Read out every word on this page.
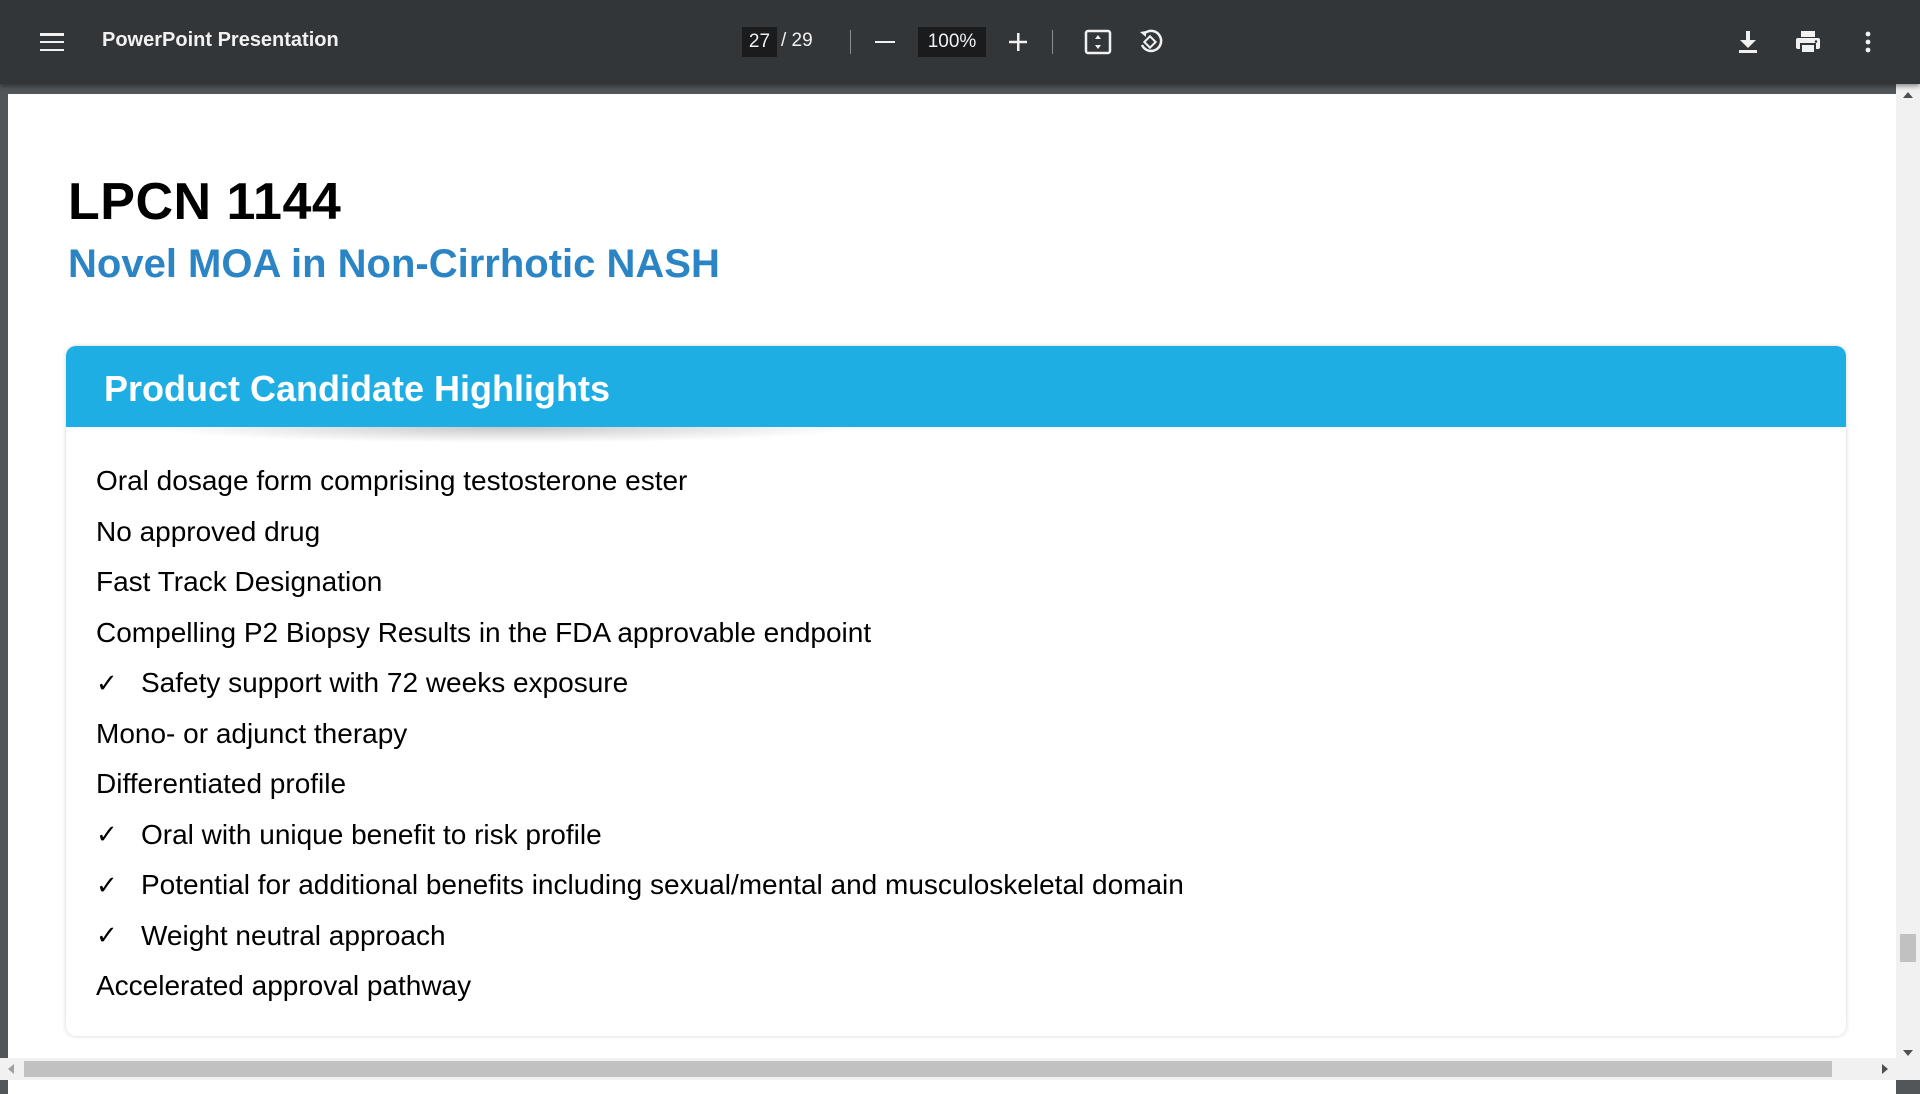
PowerPoint Presentation	27 / 29	100%
LPCN 1144
Novel MOA in Non-Cirrhotic NASH
Product Candidate Highlights
Oral dosage form comprising testosterone ester
No approved drug
Fast Track Designation
Compelling P2 Biopsy Results in the FDA approvable endpoint
✓ Safety support with 72 weeks exposure
Mono- or adjunct therapy
Differentiated profile
✓ Oral with unique benefit to risk profile
✓ Potential for additional benefits including sexual/mental and musculoskeletal domain
✓ Weight neutral approach
Accelerated approval pathway
